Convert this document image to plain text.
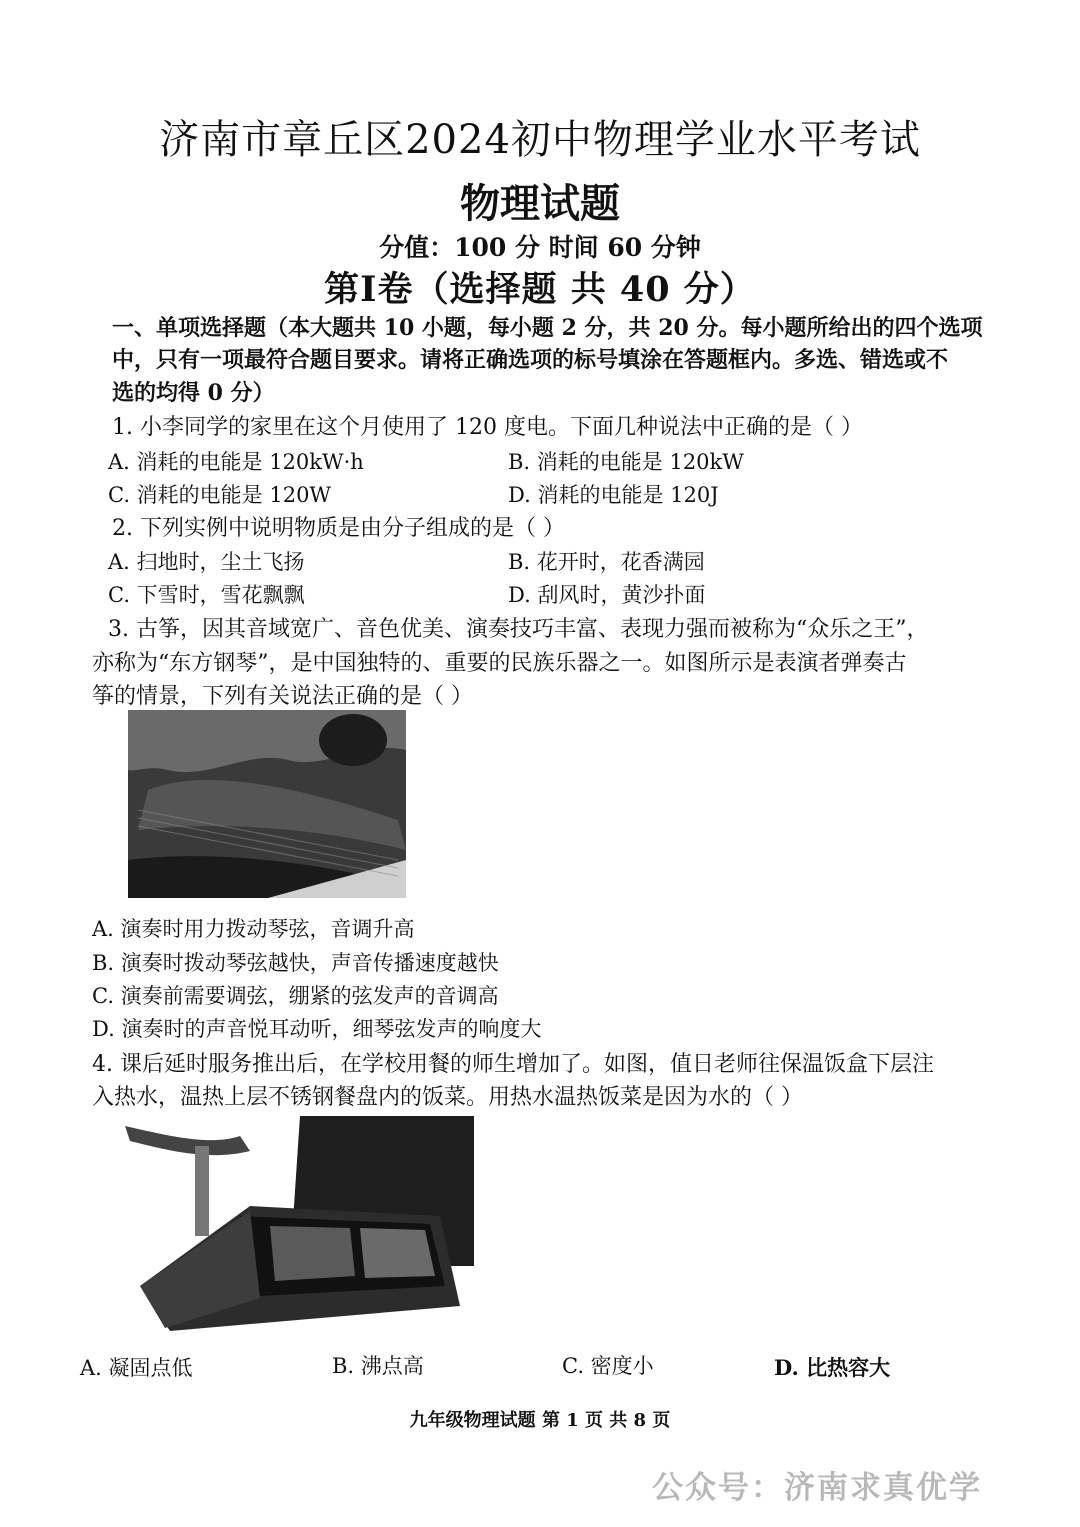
济南市章丘区2024初中物理学业水平考试
物理试题
分值：100 分 时间 60 分钟
第Ⅰ卷（选择题 共 40 分）
一、单项选择题（本大题共 10 小题，每小题 2 分，共 20 分。每小题所给出的四个选项
中，只有一项最符合题目要求。请将正确选项的标号填涂在答题框内。多选、错选或不
选的均得 0 分）
1. 小李同学的家里在这个月使用了 120 度电。下面几种说法中正确的是（ ）
A. 消耗的电能是 120kW·h	B. 消耗的电能是 120kW
C. 消耗的电能是 120W	D. 消耗的电能是 120J
2. 下列实例中说明物质是由分子组成的是（ ）
A. 扫地时，尘土飞扬	B. 花开时，花香满园
C. 下雪时，雪花飘飘	D. 刮风时，黄沙扑面
3. 古筝，因其音域宽广、音色优美、演奏技巧丰富、表现力强而被称为“众乐之王”，
亦称为“东方钢琴”，是中国独特的、重要的民族乐器之一。如图所示是表演者弹奏古
筝的情景，下列有关说法正确的是（ ）
A. 演奏时用力拨动琴弦，音调升高
B. 演奏时拨动琴弦越快，声音传播速度越快
C. 演奏前需要调弦，绷紧的弦发声的音调高
D. 演奏时的声音悦耳动听，细琴弦发声的响度大
4. 课后延时服务推出后，在学校用餐的师生增加了。如图，值日老师往保温饭盒下层注
入热水，温热上层不锈钢餐盘内的饭菜。用热水温热饭菜是因为水的（ ）
A. 凝固点低	B. 沸点高	C. 密度小	D. 比热容大
九年级物理试题 第 1 页 共 8 页
公众号：济南求真优学
